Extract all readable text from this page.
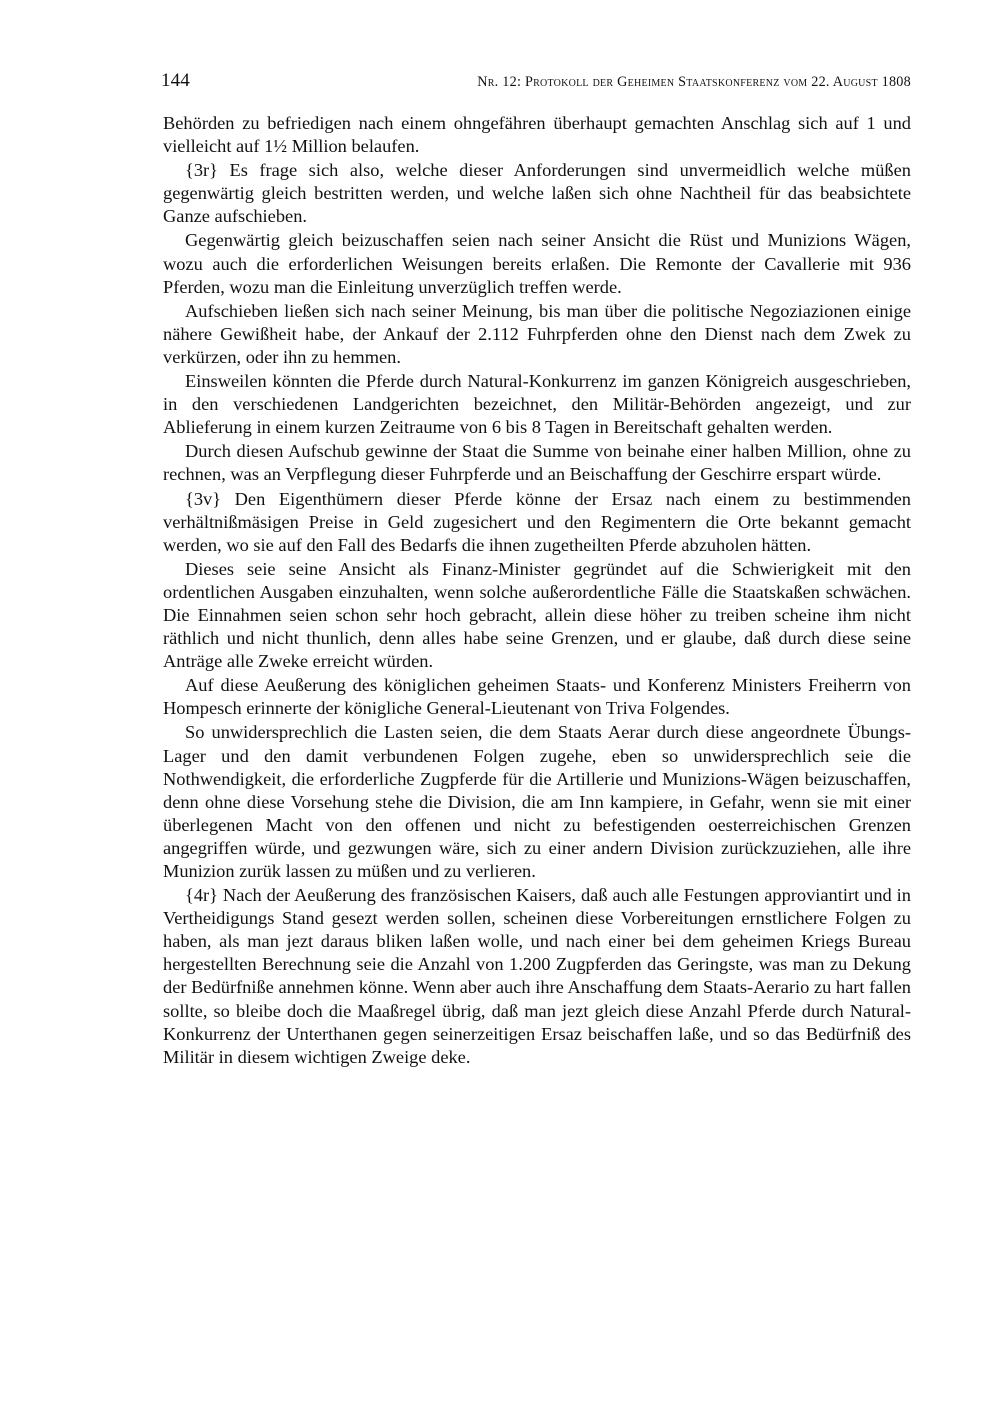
144	Nr. 12: Protokoll der Geheimen Staatskonferenz vom 22. August 1808

Behörden zu befriedigen nach einem ohngefähren überhaupt gemachten Anschlag sich auf 1 und vielleicht auf 1½ Million belaufen.

{3r} Es frage sich also, welche dieser Anforderungen sind unvermeidlich welche müßen gegenwärtig gleich bestritten werden, und welche laßen sich ohne Nachtheil für das beabsichtete Ganze aufschieben.

Gegenwärtig gleich beizuschaffen seien nach seiner Ansicht die Rüst und Munizions Wägen, wozu auch die erforderlichen Weisungen bereits erlaßen. Die Remonte der Cavallerie mit 936 Pferden, wozu man die Einleitung unverzüglich treffen werde.

Aufschieben ließen sich nach seiner Meinung, bis man über die politische Negoziazionen einige nähere Gewißheit habe, der Ankauf der 2.112 Fuhrpferden ohne den Dienst nach dem Zwek zu verkürzen, oder ihn zu hemmen.

Einsweilen könnten die Pferde durch Natural-Konkurrenz im ganzen Königreich ausgeschrieben, in den verschiedenen Landgerichten bezeichnet, den Militär-Behörden angezeigt, und zur Ablieferung in einem kurzen Zeitraume von 6 bis 8 Tagen in Bereitschaft gehalten werden.

Durch diesen Aufschub gewinne der Staat die Summe von beinahe einer halben Million, ohne zu rechnen, was an Verpflegung dieser Fuhrpferde und an Beischaffung der Geschirre erspart würde.

{3v} Den Eigenthümern dieser Pferde könne der Ersaz nach einem zu bestimmenden verhältnißmäsigen Preise in Geld zugesichert und den Regimentern die Orte bekannt gemacht werden, wo sie auf den Fall des Bedarfs die ihnen zugetheilten Pferde abzuholen hätten.

Dieses seie seine Ansicht als Finanz-Minister gegründet auf die Schwierigkeit mit den ordentlichen Ausgaben einzuhalten, wenn solche außerordentliche Fälle die Staatskaßen schwächen. Die Einnahmen seien schon sehr hoch gebracht, allein diese höher zu treiben scheine ihm nicht räthlich und nicht thunlich, denn alles habe seine Grenzen, und er glaube, daß durch diese seine Anträge alle Zweke erreicht würden.

Auf diese Aeußerung des königlichen geheimen Staats- und Konferenz Ministers Freiherrn von Hompesch erinnerte der königliche General-Lieutenant von Triva Folgendes.

So unwidersprechlich die Lasten seien, die dem Staats Aerar durch diese angeordnete Übungs-Lager und den damit verbundenen Folgen zugehe, eben so unwidersprechlich seie die Nothwendigkeit, die erforderliche Zugpferde für die Artillerie und Munizions-Wägen beizuschaffen, denn ohne diese Vorsehung stehe die Division, die am Inn kampiere, in Gefahr, wenn sie mit einer überlegenen Macht von den offenen und nicht zu befestigenden oesterreichischen Grenzen angegriffen würde, und gezwungen wäre, sich zu einer andern Division zurückzuziehen, alle ihre Munizion zurük lassen zu müßen und zu verlieren.

{4r} Nach der Aeußerung des französischen Kaisers, daß auch alle Festungen approviantirt und in Vertheidigungs Stand gesezt werden sollen, scheinen diese Vorbereitungen ernstlichere Folgen zu haben, als man jezt daraus bliken laßen wolle, und nach einer bei dem geheimen Kriegs Bureau hergestellten Berechnung seie die Anzahl von 1.200 Zugpferden das Geringste, was man zu Dekung der Bedürfniße annehmen könne. Wenn aber auch ihre Anschaffung dem Staats-Aerario zu hart fallen sollte, so bleibe doch die Maaßregel übrig, daß man jezt gleich diese Anzahl Pferde durch Natural-Konkurrenz der Unterthanen gegen seinerzeitigen Ersaz beischaffen laße, und so das Bedürfniß des Militär in diesem wichtigen Zweige deke.
